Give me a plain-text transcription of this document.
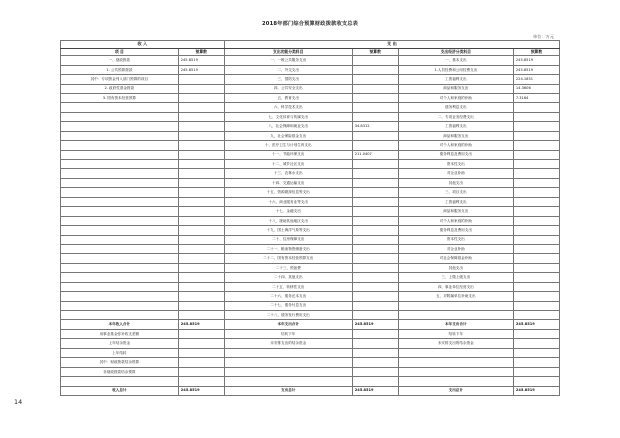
2018年部门综合预算财政拨款收支总表
单位：万元
收 入		支 出			
项 目	预算数	支出功能分类科目	预算数	支出经济分类科目	预算数
一、财政拨款	245.8519	一、一般公共服务支出		一、基本支出	245.8519
1. 公共预算拨款	245.8519	二、外交支出		1.人员经费和公用经费支出	245.8519
其中：专项资金列入部门预算的项目		三、国防支出		工资福利支出	224.1851
2. 政府性基金拨款		四、公共安全支出		商品和服务支出	14.3606
3. 国有资本经营预算		五、教育支出		对个人和家庭的补助	7.3164
		六、科学技术支出		债务利息支出	
		七、文化体育与传媒支出		二、专项业务经费支出	
		八、社会保障和就业支出	34.8312	工资福利支出	
		九、社会保险基金支出		商品和服务支出	
		十、医疗卫生与计划生育支出		对个人和家庭的补助	
		十一、节能环保支出	211.0407	债务利息及费用支出	
		十二、城乡社区支出		资本性支出	
		十三、农林水支出		对企业补助	
		十四、交通运输支出		其他支出	
		十五、资源勘探信息等支出		三、项目支出	
		十六、商业服务业等支出		工资福利支出	
		十七、金融支出		商品和服务支出	
		十八、援助其他地区支出		对个人和家庭的补助	
		十九、国土海洋气象等支出		债务利息及费用支出	
		二十、住房保障支出		资本性支出	
		二十一、粮油物资储备支出		对企业补助	
		二十二、国有资本经营预算支出		对社会保障基金补助	
		二十三、预备费		其他支出	
		二十四、其他支出		三、上缴上级支出	
		二十五、转移性支出		四、事业单位经营支出	
		二十六、债务还本支出		五、对附属单位补助支出	
		二十七、债务付息支出			
		二十八、债务发行费用支出			
本年收入合计	245.8519	本年支出合计	245.8519	本年支出合计	245.8519
用事业基金弥补收支差额		结转下年		结转下年	
上年结余资金		未安排支出的结余资金		未安排支出的结余资金	
上年结转					
其中：财政拨款结余预算					
非财政拨款结余预算					

收入总计	245.8519	支出总计	245.8519	支出总计	245.8519
14
